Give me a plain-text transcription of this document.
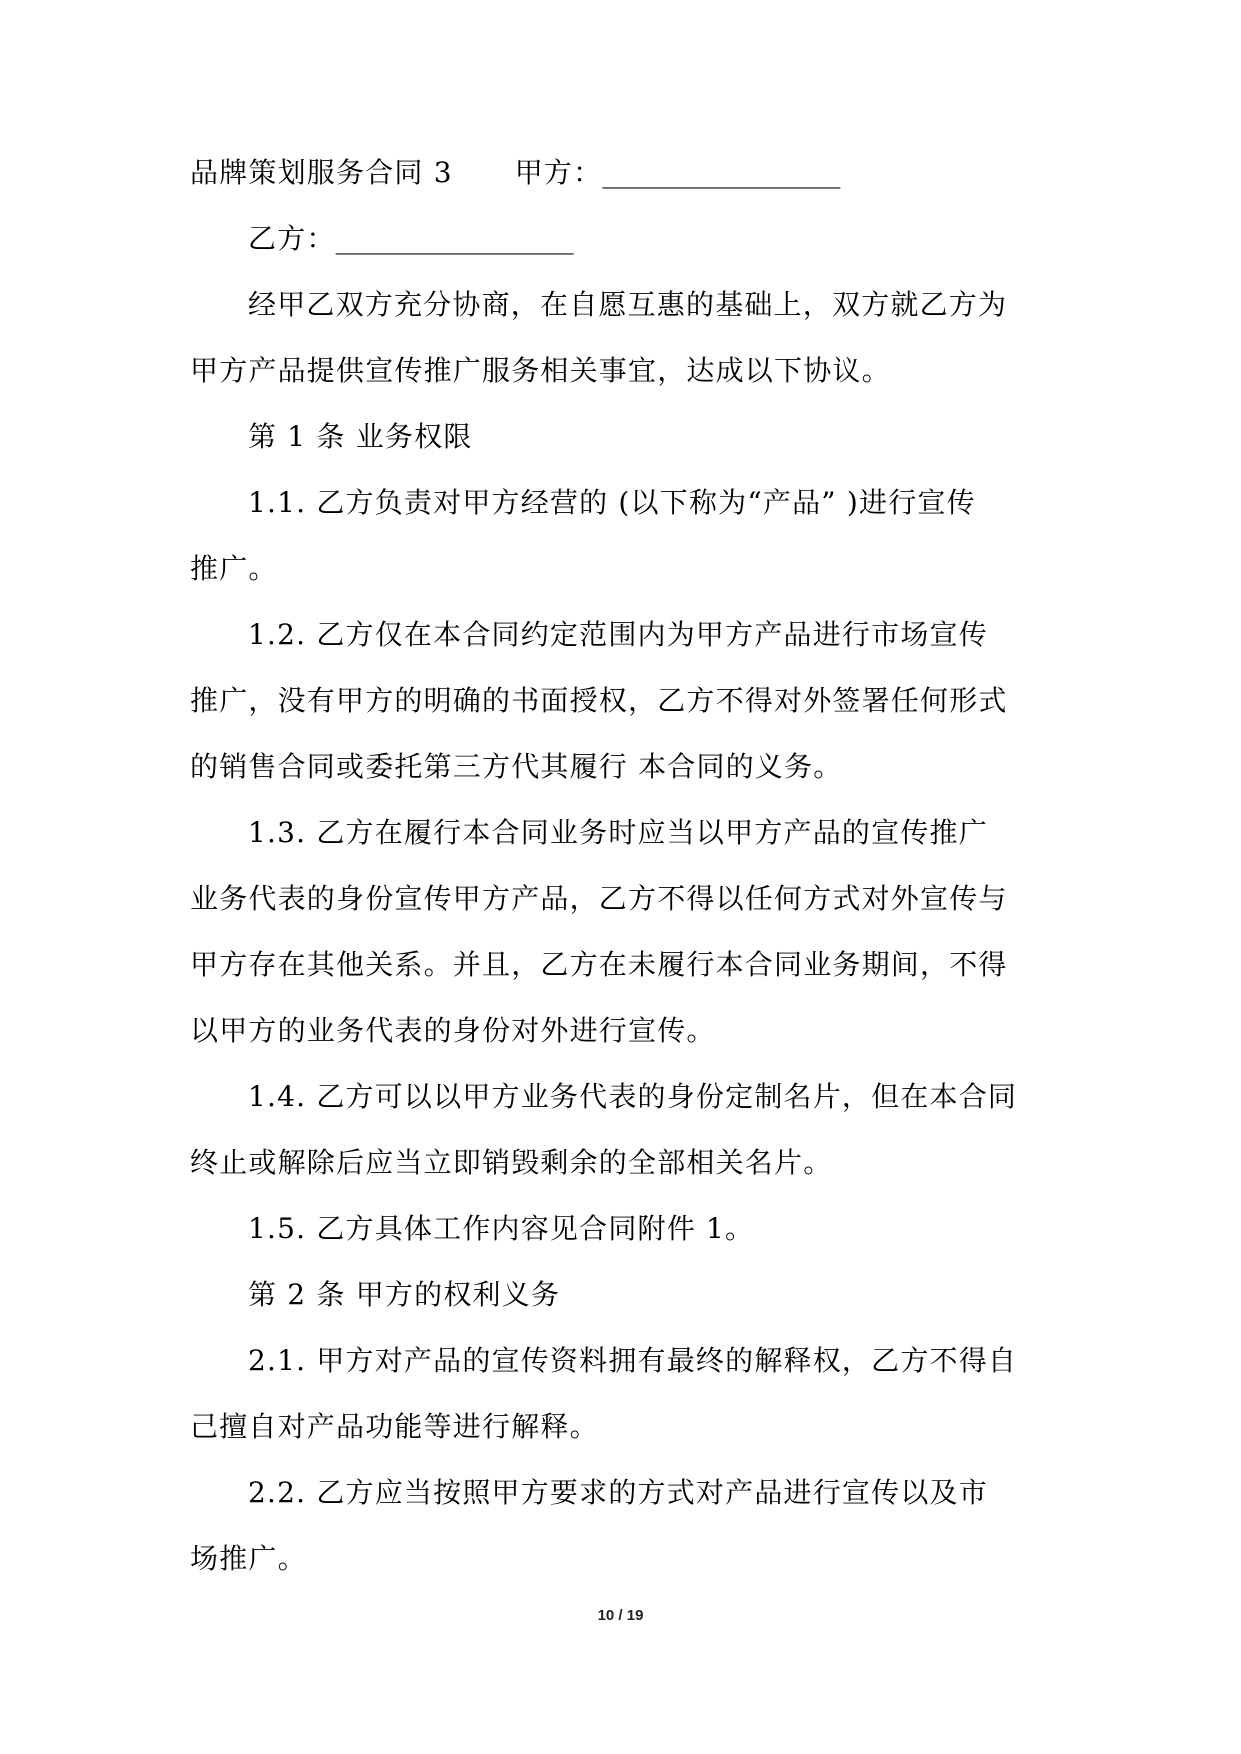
品牌策划服务合同 3 甲方：_________________
乙方：_________________
经甲乙双方充分协商，在自愿互惠的基础上，双方就乙方为
甲方产品提供宣传推广服务相关事宜，达成以下协议。
第 1 条 业务权限
1.1. 乙方负责对甲方经营的 (以下称为“产品” )进行宣传
推广。
1.2. 乙方仅在本合同约定范围内为甲方产品进行市场宣传
推广，没有甲方的明确的书面授权，乙方不得对外签署任何形式
的销售合同或委托第三方代其履行 本合同的义务。
1.3. 乙方在履行本合同业务时应当以甲方产品的宣传推广
业务代表的身份宣传甲方产品，乙方不得以任何方式对外宣传与
甲方存在其他关系。并且，乙方在未履行本合同业务期间，不得
以甲方的业务代表的身份对外进行宣传。
1.4. 乙方可以以甲方业务代表的身份定制名片，但在本合同
终止或解除后应当立即销毁剩余的全部相关名片。
1.5. 乙方具体工作内容见合同附件 1。
第 2 条 甲方的权利义务
2.1. 甲方对产品的宣传资料拥有最终的解释权，乙方不得自
己擅自对产品功能等进行解释。
2.2. 乙方应当按照甲方要求的方式对产品进行宣传以及市
场推广。
10 / 19
